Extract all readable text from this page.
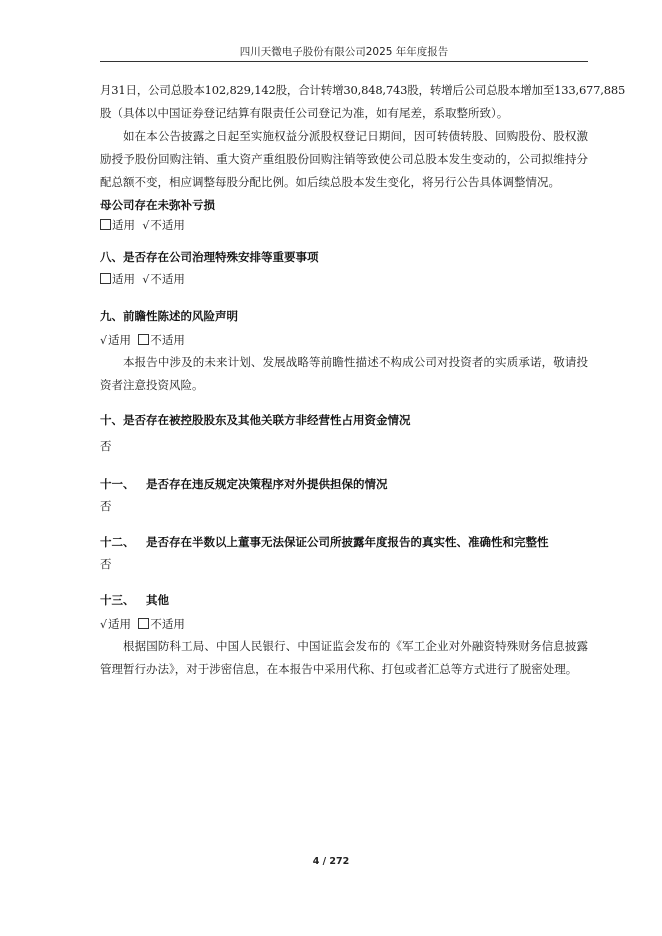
四川天微电子股份有限公司2025 年年度报告

月31日，公司总股本102,829,142股，合计转增30,848,743股，转增后公司总股本增加至133,677,885

股（具体以中国证券登记结算有限责任公司登记为准，如有尾差，系取整所致）。

如在本公告披露之日起至实施权益分派股权登记日期间，因可转债转股、回购股份、股权激励授予股份回购注销、重大资产重组股份回购注销等致使公司总股本发生变动的，公司拟维持分配总额不变，相应调整每股分配比例。如后续总股本发生变化，将另行公告具体调整情况。

母公司存在未弥补亏损
适用 √不适用
八、是否存在公司治理特殊安排等重要事项
适用 √不适用
九、前瞻性陈述的风险声明
√适用 不适用

本报告中涉及的未来计划、发展战略等前瞻性描述不构成公司对投资者的实质承诺，敬请投资者注意投资风险。

十、是否存在被控股股东及其他关联方非经营性占用资金情况

否

十一、 是否存在违反规定决策程序对外提供担保的情况

否

十二、 是否存在半数以上董事无法保证公司所披露年度报告的真实性、准确性和完整性

否

十三、 其他
√适用 不适用

根据国防科工局、中国人民银行、中国证监会发布的《军工企业对外融资特殊财务信息披露管理暂行办法》，对于涉密信息，在本报告中采用代称、打包或者汇总等方式进行了脱密处理。

4 / 272
